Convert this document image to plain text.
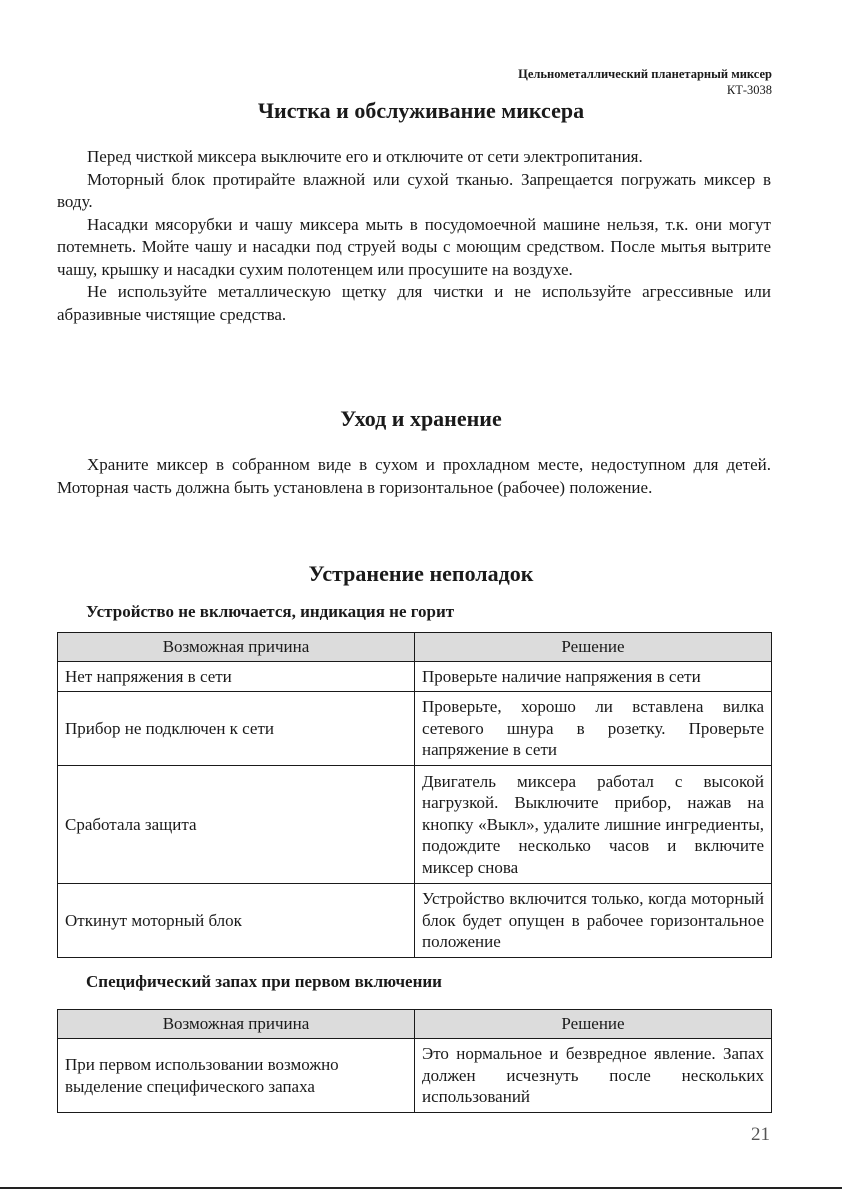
Цельнометаллический планетарный миксер
КТ-3038
Чистка и обслуживание миксера

Перед чисткой миксера выключите его и отключите от сети электропитания.

Моторный блок протирайте влажной или сухой тканью. Запрещается погружать миксер в воду.

Насадки мясорубки и чашу миксера мыть в посудомоечной машине нельзя, т.к. они могут потемнеть. Мойте чашу и насадки под струей воды с моющим средством. После мытья вытрите чашу, крышку и насадки сухим полотенцем или просушите на воздухе.

Не используйте металлическую щетку для чистки и не используйте агрессивные или абразивные чистящие средства.

Уход и хранение

Храните миксер в собранном виде в сухом и прохладном месте, недоступном для детей. Моторная часть должна быть установлена в горизонтальное (рабочее) положение.

Устранение неполадок
Устройство не включается, индикация не горит
Возможная причина	Решение
Нет напряжения в сети	Проверьте наличие напряжения в сети
Прибор не подключен к сети	Проверьте, хорошо ли вставлена вилка сетевого шнура в розетку. Проверьте напряжение в сети
Сработала защита	Двигатель миксера работал с высокой нагрузкой. Выключите прибор, нажав на кнопку «Выкл», удалите лишние ингредиенты, подождите несколько часов и включите миксер снова
Откинут моторный блок	Устройство включится только, когда моторный блок будет опущен в рабочее горизонтальное положение
Специфический запах при первом включении
Возможная причина	Решение
При первом использовании возможно выделение специфического запаха	Это нормальное и безвредное явление. Запах должен исчезнуть после нескольких использований
21
